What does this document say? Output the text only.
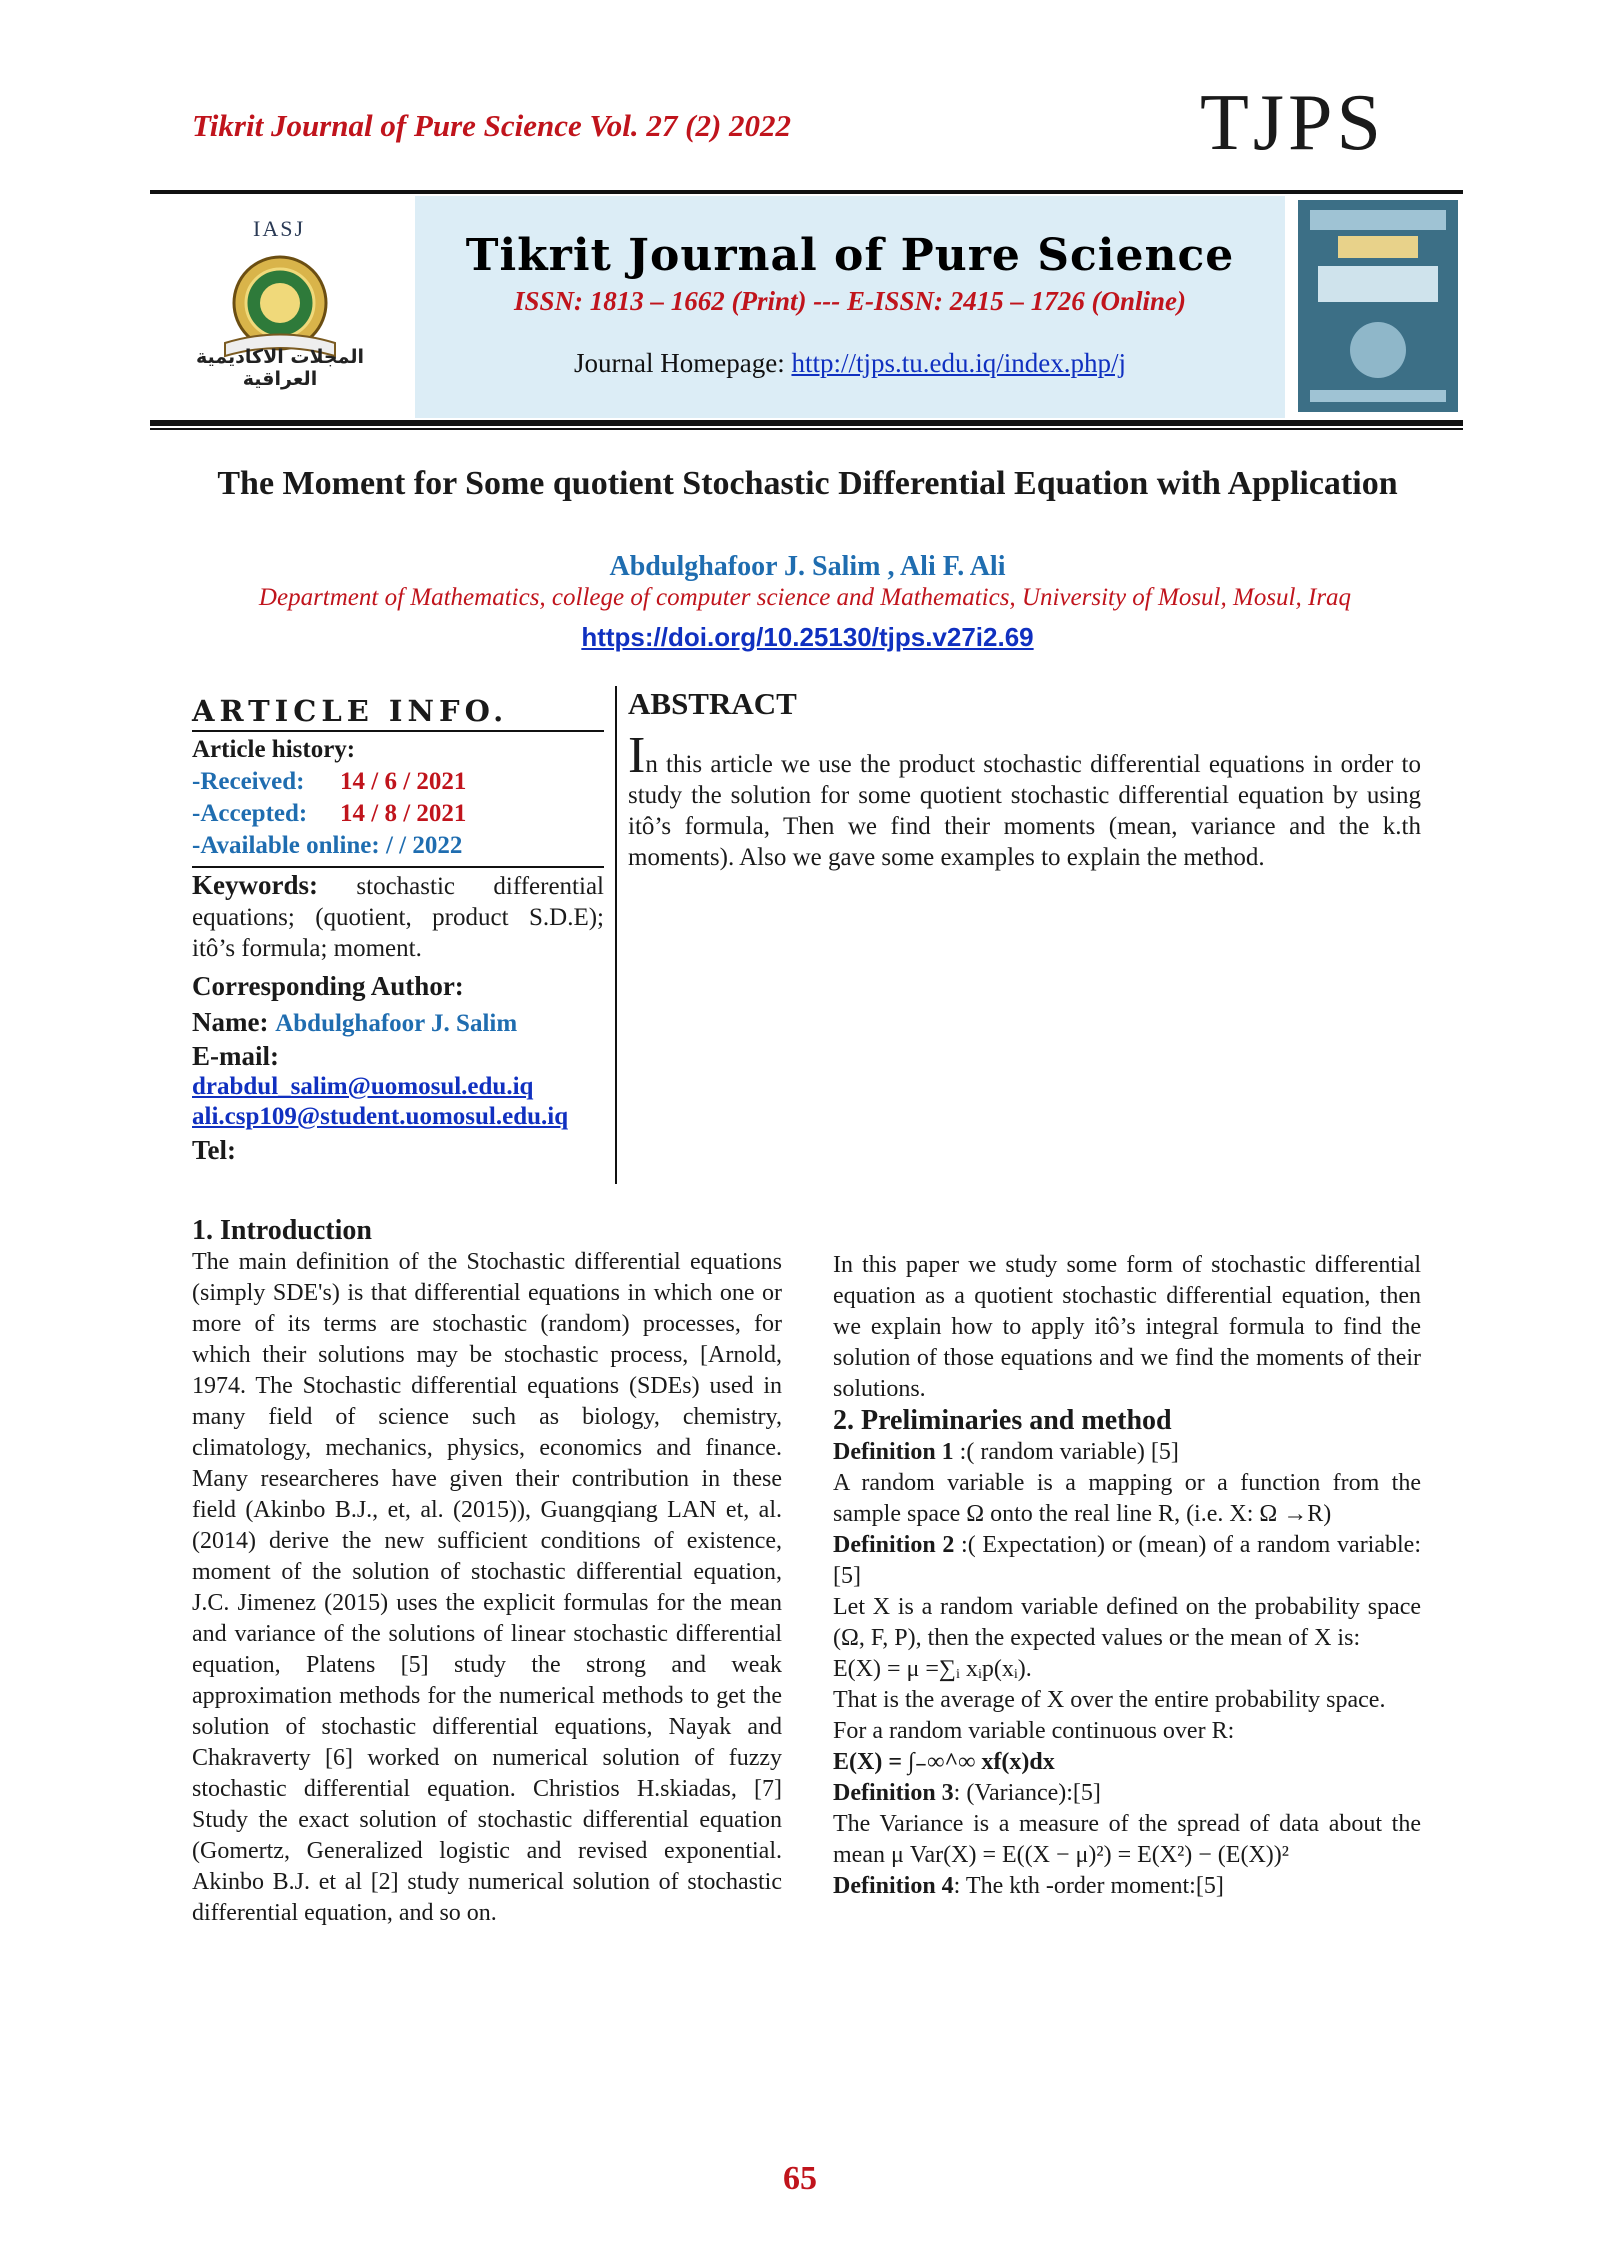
Tikrit Journal of Pure Science Vol. 27 (2) 2022	TJPS
IASJ
المجلات الاكاديمية العراقية
Tikrit Journal of Pure Science
ISSN: 1813 – 1662 (Print) --- E-ISSN: 2415 – 1726 (Online)
Journal Homepage: http://tjps.tu.edu.iq/index.php/j
The Moment for Some quotient Stochastic Differential Equation with Application
Abdulghafoor J. Salim , Ali F. Ali
Department of Mathematics, college of computer science and Mathematics, University of Mosul, Mosul, Iraq
https://doi.org/10.25130/tjps.v27i2.69
ARTICLE INFO.
Article history:
-Received: 14 / 6 / 2021
-Accepted: 14 / 8 / 2021
-Available online: / / 2022
Keywords: stochastic differential equations; (quotient, product S.D.E); itô’s formula; moment.
Corresponding Author:
Name: Abdulghafoor J. Salim
E-mail:
drabdul_salim@uomosul.edu.iq
ali.csp109@student.uomosul.edu.iq
Tel:
ABSTRACT
In this article we use the product stochastic differential equations in order to study the solution for some quotient stochastic differential equation by using itô’s formula, Then we find their moments (mean, variance and the k.th moments). Also we gave some examples to explain the method.
1. Introduction

The main definition of the Stochastic differential equations (simply SDE's) is that differential equations in which one or more of its terms are stochastic (random) processes, for which their solutions may be stochastic process, [Arnold, 1974. The Stochastic differential equations (SDEs) used in many field of science such as biology, chemistry, climatology, mechanics, physics, economics and finance. Many researcheres have given their contribution in these field (Akinbo B.J., et, al. (2015)), Guangqiang LAN et, al. (2014) derive the new sufficient conditions of existence, moment of the solution of stochastic differential equation, J.C. Jimenez (2015) uses the explicit formulas for the mean and variance of the solutions of linear stochastic differential equation, Platens [5] study the strong and weak approximation methods for the numerical methods to get the solution of stochastic differential equations, Nayak and Chakraverty [6] worked on numerical solution of fuzzy stochastic differential equation. Christios H.skiadas, [7] Study the exact solution of stochastic differential equation (Gomertz, Generalized logistic and revised exponential. Akinbo B.J. et al [2] study numerical solution of stochastic differential equation, and so on.

In this paper we study some form of stochastic differential equation as a quotient stochastic differential equation, then we explain how to apply itô’s integral formula to find the solution of those equations and we find the moments of their solutions.

2. Preliminaries and method

Definition 1 :( random variable) [5]

A random variable is a mapping or a function from the sample space Ω onto the real line R, (i.e. X: Ω →R)

Definition 2 :( Expectation) or (mean) of a random variable:[5]

Let X is a random variable defined on the probability space (Ω, F, P), then the expected values or the mean of X is:

E(X) = μ =∑ᵢ xᵢp(xᵢ).

That is the average of X over the entire probability space.

For a random variable continuous over R:

E(X) = ∫₋∞^∞ xf(x)dx

Definition 3: (Variance):[5]

The Variance is a measure of the spread of data about the mean μ Var(X) = E((X − μ)²) = E(X²) − (E(X))²

Definition 4: The kth -order moment:[5]

65
